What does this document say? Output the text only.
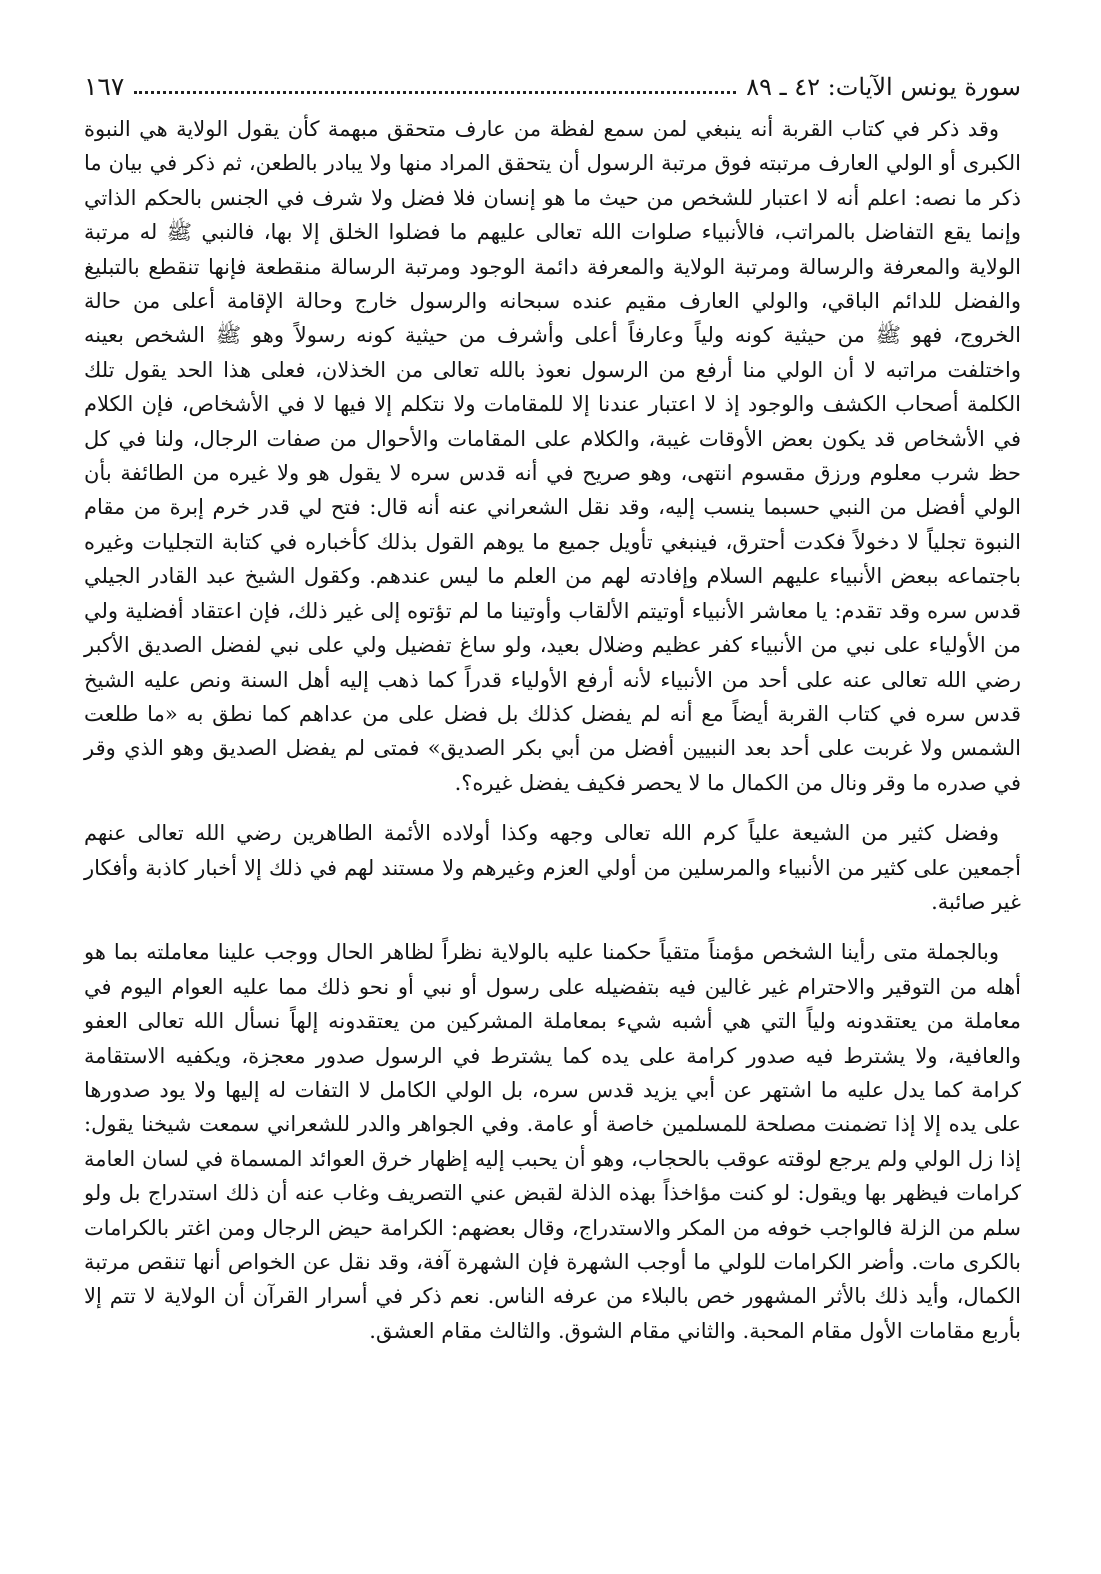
سورة يونس الآيات: ٤٢ ـ ٨٩
١٦٧

وقد ذكر في كتاب القربة أنه ينبغي لمن سمع لفظة من عارف متحقق مبهمة كأن يقول الولاية هي النبوة الكبرى أو الولي العارف مرتبته فوق مرتبة الرسول أن يتحقق المراد منها ولا يبادر بالطعن، ثم ذكر في بيان ما ذكر ما نصه: اعلم أنه لا اعتبار للشخص من حيث ما هو إنسان فلا فضل ولا شرف في الجنس بالحكم الذاتي وإنما يقع التفاضل بالمراتب، فالأنبياء صلوات الله تعالى عليهم ما فضلوا الخلق إلا بها، فالنبي ﷺ له مرتبة الولاية والمعرفة والرسالة ومرتبة الولاية والمعرفة دائمة الوجود ومرتبة الرسالة منقطعة فإنها تنقطع بالتبليغ والفضل للدائم الباقي، والولي العارف مقيم عنده سبحانه والرسول خارج وحالة الإقامة أعلى من حالة الخروج، فهو ﷺ من حيثية كونه ولياً وعارفاً أعلى وأشرف من حيثية كونه رسولاً وهو ﷺ الشخص بعينه واختلفت مراتبه لا أن الولي منا أرفع من الرسول نعوذ بالله تعالى من الخذلان، فعلى هذا الحد يقول تلك الكلمة أصحاب الكشف والوجود إذ لا اعتبار عندنا إلا للمقامات ولا نتكلم إلا فيها لا في الأشخاص، فإن الكلام في الأشخاص قد يكون بعض الأوقات غيبة، والكلام على المقامات والأحوال من صفات الرجال، ولنا في كل حظ شرب معلوم ورزق مقسوم انتهى، وهو صريح في أنه قدس سره لا يقول هو ولا غيره من الطائفة بأن الولي أفضل من النبي حسبما ينسب إليه، وقد نقل الشعراني عنه أنه قال: فتح لي قدر خرم إبرة من مقام النبوة تجلياً لا دخولاً فكدت أحترق، فينبغي تأويل جميع ما يوهم القول بذلك كأخباره في كتابة التجليات وغيره باجتماعه ببعض الأنبياء عليهم السلام وإفادته لهم من العلم ما ليس عندهم. وكقول الشيخ عبد القادر الجيلي قدس سره وقد تقدم: يا معاشر الأنبياء أوتيتم الألقاب وأوتينا ما لم تؤتوه إلى غير ذلك، فإن اعتقاد أفضلية ولي من الأولياء على نبي من الأنبياء كفر عظيم وضلال بعيد، ولو ساغ تفضيل ولي على نبي لفضل الصديق الأكبر رضي الله تعالى عنه على أحد من الأنبياء لأنه أرفع الأولياء قدراً كما ذهب إليه أهل السنة ونص عليه الشيخ قدس سره في كتاب القربة أيضاً مع أنه لم يفضل كذلك بل فضل على من عداهم كما نطق به «ما طلعت الشمس ولا غربت على أحد بعد النبيين أفضل من أبي بكر الصديق» فمتى لم يفضل الصديق وهو الذي وقر في صدره ما وقر ونال من الكمال ما لا يحصر فكيف يفضل غيره؟.

وفضل كثير من الشيعة علياً كرم الله تعالى وجهه وكذا أولاده الأئمة الطاهرين رضي الله تعالى عنهم أجمعين على كثير من الأنبياء والمرسلين من أولي العزم وغيرهم ولا مستند لهم في ذلك إلا أخبار كاذبة وأفكار غير صائبة.

وبالجملة متى رأينا الشخص مؤمناً متقياً حكمنا عليه بالولاية نظراً لظاهر الحال ووجب علينا معاملته بما هو أهله من التوقير والاحترام غير غالين فيه بتفضيله على رسول أو نبي أو نحو ذلك مما عليه العوام اليوم في معاملة من يعتقدونه ولياً التي هي أشبه شيء بمعاملة المشركين من يعتقدونه إلهاً نسأل الله تعالى العفو والعافية، ولا يشترط فيه صدور كرامة على يده كما يشترط في الرسول صدور معجزة، ويكفيه الاستقامة كرامة كما يدل عليه ما اشتهر عن أبي يزيد قدس سره، بل الولي الكامل لا التفات له إليها ولا يود صدورها على يده إلا إذا تضمنت مصلحة للمسلمين خاصة أو عامة. وفي الجواهر والدر للشعراني سمعت شيخنا يقول: إذا زل الولي ولم يرجع لوقته عوقب بالحجاب، وهو أن يحبب إليه إظهار خرق العوائد المسماة في لسان العامة كرامات فيظهر بها ويقول: لو كنت مؤاخذاً بهذه الذلة لقبض عني التصريف وغاب عنه أن ذلك استدراج بل ولو سلم من الزلة فالواجب خوفه من المكر والاستدراج، وقال بعضهم: الكرامة حيض الرجال ومن اغتر بالكرامات بالكرى مات. وأضر الكرامات للولي ما أوجب الشهرة فإن الشهرة آفة، وقد نقل عن الخواص أنها تنقص مرتبة الكمال، وأيد ذلك بالأثر المشهور خص بالبلاء من عرفه الناس. نعم ذكر في أسرار القرآن أن الولاية لا تتم إلا بأربع مقامات الأول مقام المحبة. والثاني مقام الشوق. والثالث مقام العشق.
